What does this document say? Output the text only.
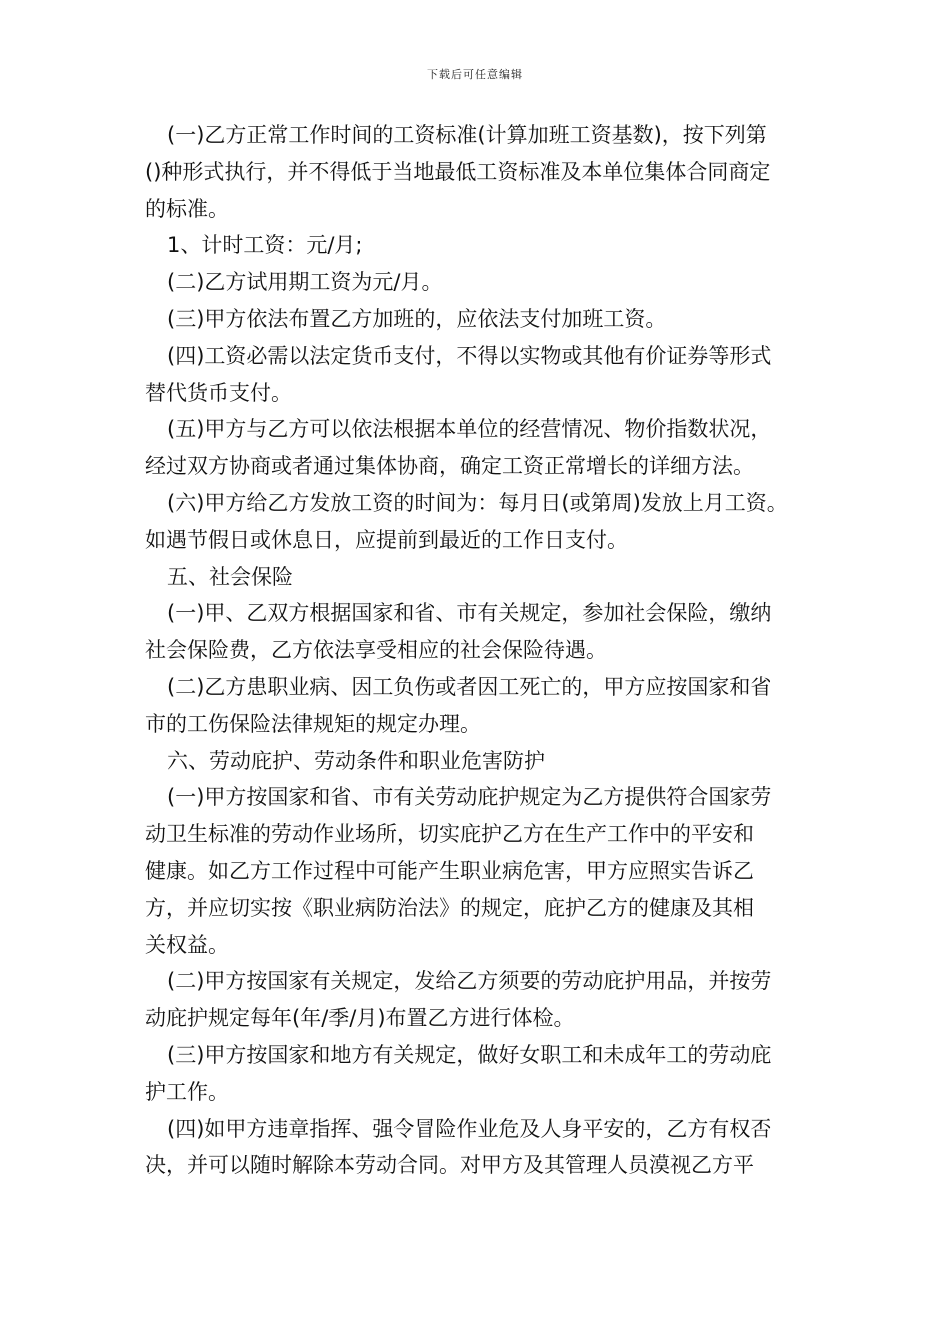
下载后可任意编辑

(一)乙方正常工作时间的工资标准(计算加班工资基数)，按下列第
()种形式执行，并不得低于当地最低工资标准及本单位集体合同商定
的标准。

1、计时工资：元/月;

(二)乙方试用期工资为元/月。

(三)甲方依法布置乙方加班的，应依法支付加班工资。

(四)工资必需以法定货币支付，不得以实物或其他有价证券等形式
替代货币支付。

(五)甲方与乙方可以依法根据本单位的经营情况、物价指数状况，
经过双方协商或者通过集体协商，确定工资正常增长的详细方法。

(六)甲方给乙方发放工资的时间为：每月日(或第周)发放上月工资。
如遇节假日或休息日，应提前到最近的工作日支付。

五、社会保险

(一)甲、乙双方根据国家和省、市有关规定，参加社会保险，缴纳
社会保险费，乙方依法享受相应的社会保险待遇。

(二)乙方患职业病、因工负伤或者因工死亡的，甲方应按国家和省
市的工伤保险法律规矩的规定办理。

六、劳动庇护、劳动条件和职业危害防护

(一)甲方按国家和省、市有关劳动庇护规定为乙方提供符合国家劳
动卫生标准的劳动作业场所，切实庇护乙方在生产工作中的平安和
健康。如乙方工作过程中可能产生职业病危害，甲方应照实告诉乙
方，并应切实按《职业病防治法》的规定，庇护乙方的健康及其相
关权益。

(二)甲方按国家有关规定，发给乙方须要的劳动庇护用品，并按劳
动庇护规定每年(年/季/月)布置乙方进行体检。

(三)甲方按国家和地方有关规定，做好女职工和未成年工的劳动庇
护工作。

(四)如甲方违章指挥、强令冒险作业危及人身平安的，乙方有权否
决，并可以随时解除本劳动合同。对甲方及其管理人员漠视乙方平
